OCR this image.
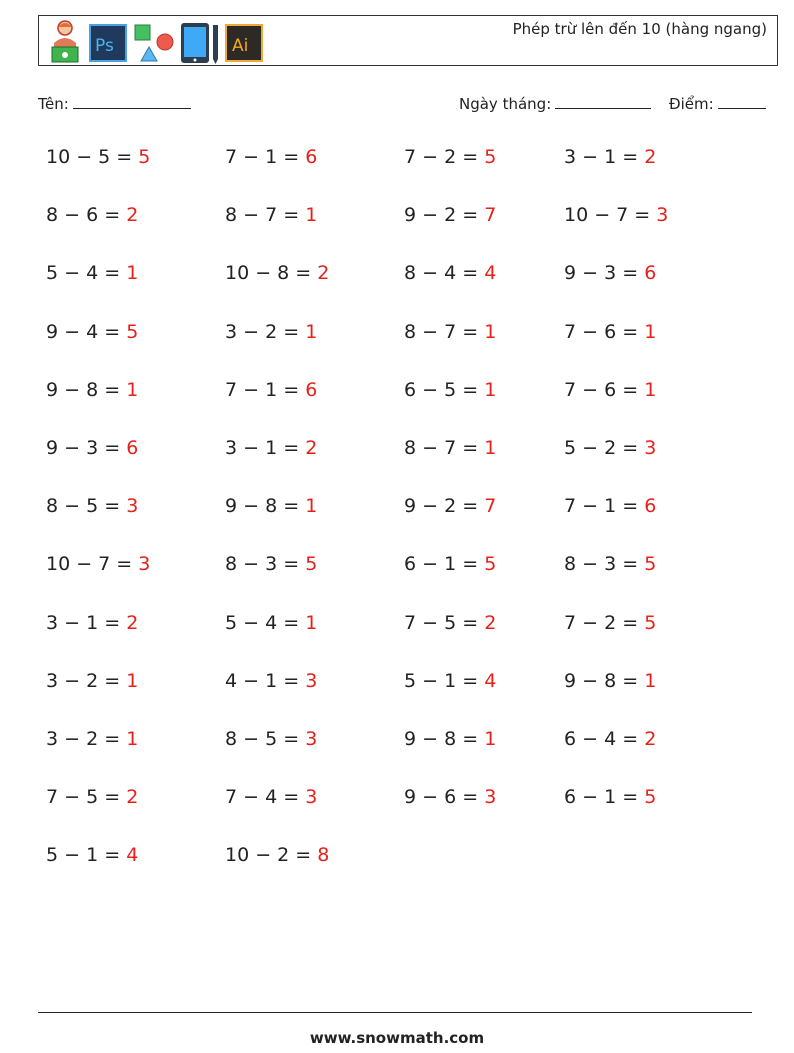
Ps	Ai
Phép trừ lên đến 10 (hàng ngang)
Tên:	Ngày tháng:	Điểm:
10 − 5 = 5	7 − 1 = 6	7 − 2 = 5	3 − 1 = 2
8 − 6 = 2	8 − 7 = 1	9 − 2 = 7	10 − 7 = 3
5 − 4 = 1	10 − 8 = 2	8 − 4 = 4	9 − 3 = 6
9 − 4 = 5	3 − 2 = 1	8 − 7 = 1	7 − 6 = 1
9 − 8 = 1	7 − 1 = 6	6 − 5 = 1	7 − 6 = 1
9 − 3 = 6	3 − 1 = 2	8 − 7 = 1	5 − 2 = 3
8 − 5 = 3	9 − 8 = 1	9 − 2 = 7	7 − 1 = 6
10 − 7 = 3	8 − 3 = 5	6 − 1 = 5	8 − 3 = 5
3 − 1 = 2	5 − 4 = 1	7 − 5 = 2	7 − 2 = 5
3 − 2 = 1	4 − 1 = 3	5 − 1 = 4	9 − 8 = 1
3 − 2 = 1	8 − 5 = 3	9 − 8 = 1	6 − 4 = 2
7 − 5 = 2	7 − 4 = 3	9 − 6 = 3	6 − 1 = 5
5 − 1 = 4	10 − 2 = 8
www.snowmath.com
